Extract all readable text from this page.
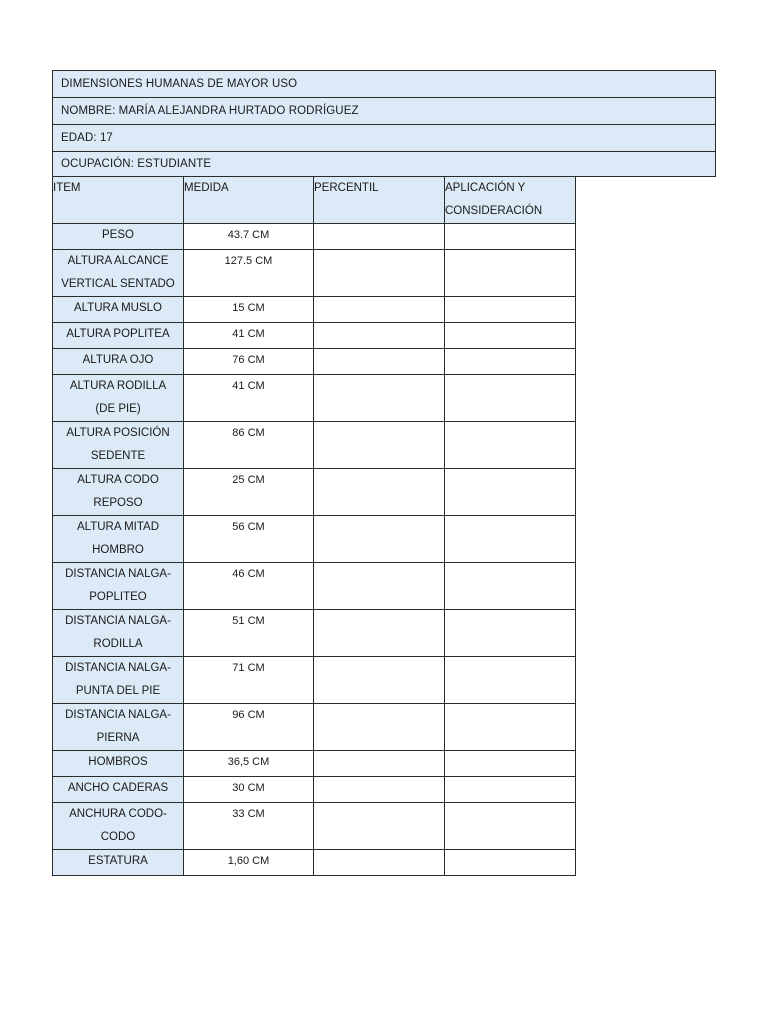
DIMENSIONES HUMANAS DE MAYOR USO
NOMBRE: MARÍA ALEJANDRA HURTADO RODRÍGUEZ
EDAD: 17
OCUPACIÓN: ESTUDIANTE
ITEM	MEDIDA	PERCENTIL	APLICACIÓN Y
CONSIDERACIÓN
PESO	43.7 CM		
ALTURA ALCANCE
VERTICAL SENTADO	127.5 CM		
ALTURA MUSLO	15 CM		
ALTURA POPLITEA	41 CM		
ALTURA OJO	76 CM		
ALTURA RODILLA
(DE PIE)	41 CM		
ALTURA POSICIÓN
SEDENTE	86 CM		
ALTURA CODO
REPOSO	25 CM		
ALTURA MITAD
HOMBRO	56 CM		
DISTANCIA NALGA-
POPLITEO	46 CM		
DISTANCIA NALGA-
RODILLA	51 CM		
DISTANCIA NALGA-
PUNTA DEL PIE	71 CM		
DISTANCIA NALGA-
PIERNA	96 CM		
HOMBROS	36,5 CM		
ANCHO CADERAS	30 CM		
ANCHURA CODO-
CODO	33 CM		
ESTATURA	1,60 CM		
